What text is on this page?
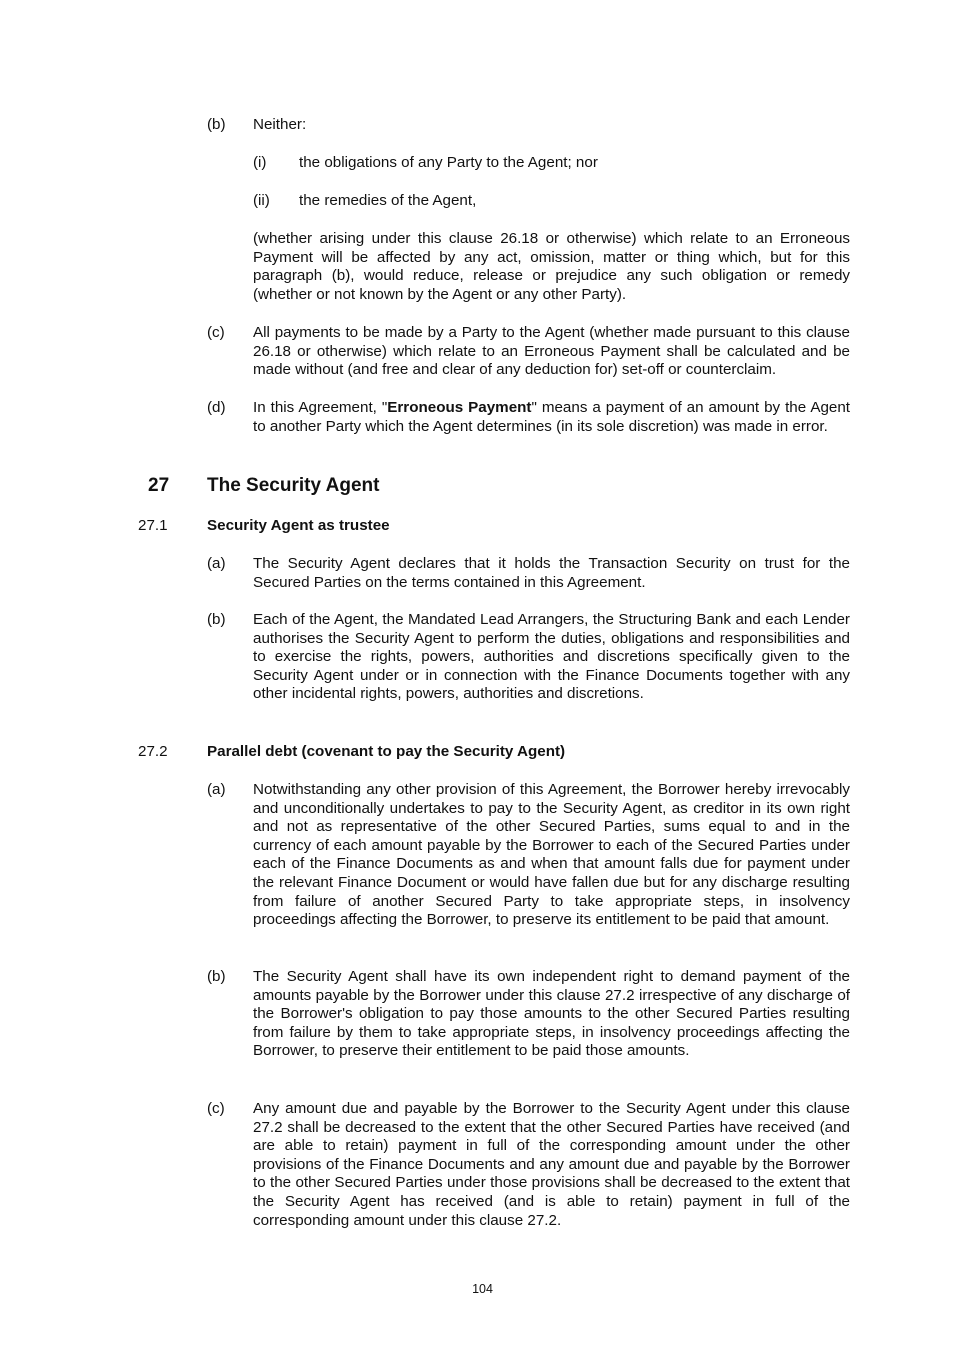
(b) Neither:
(i) the obligations of any Party to the Agent; nor
(ii) the remedies of the Agent,
(whether arising under this clause 26.18 or otherwise) which relate to an Erroneous Payment will be affected by any act, omission, matter or thing which, but for this paragraph (b), would reduce, release or prejudice any such obligation or remedy (whether or not known by the Agent or any other Party).
(c) All payments to be made by a Party to the Agent (whether made pursuant to this clause 26.18 or otherwise) which relate to an Erroneous Payment shall be calculated and be made without (and free and clear of any deduction for) set-off or counterclaim.
(d) In this Agreement, "Erroneous Payment" means a payment of an amount by the Agent to another Party which the Agent determines (in its sole discretion) was made in error.
27 The Security Agent
27.1	Security Agent as trustee
(a) The Security Agent declares that it holds the Transaction Security on trust for the Secured Parties on the terms contained in this Agreement.
(b) Each of the Agent, the Mandated Lead Arrangers, the Structuring Bank and each Lender authorises the Security Agent to perform the duties, obligations and responsibilities and to exercise the rights, powers, authorities and discretions specifically given to the Security Agent under or in connection with the Finance Documents together with any other incidental rights, powers, authorities and discretions.
27.2	Parallel debt (covenant to pay the Security Agent)
(a) Notwithstanding any other provision of this Agreement, the Borrower hereby irrevocably and unconditionally undertakes to pay to the Security Agent, as creditor in its own right and not as representative of the other Secured Parties, sums equal to and in the currency of each amount payable by the Borrower to each of the Secured Parties under each of the Finance Documents as and when that amount falls due for payment under the relevant Finance Document or would have fallen due but for any discharge resulting from failure of another Secured Party to take appropriate steps, in insolvency proceedings affecting the Borrower, to preserve its entitlement to be paid that amount.
(b) The Security Agent shall have its own independent right to demand payment of the amounts payable by the Borrower under this clause 27.2 irrespective of any discharge of the Borrower's obligation to pay those amounts to the other Secured Parties resulting from failure by them to take appropriate steps, in insolvency proceedings affecting the Borrower, to preserve their entitlement to be paid those amounts.
(c) Any amount due and payable by the Borrower to the Security Agent under this clause 27.2 shall be decreased to the extent that the other Secured Parties have received (and are able to retain) payment in full of the corresponding amount under the other provisions of the Finance Documents and any amount due and payable by the Borrower to the other Secured Parties under those provisions shall be decreased to the extent that the Security Agent has received (and is able to retain) payment in full of the corresponding amount under this clause 27.2.
104
